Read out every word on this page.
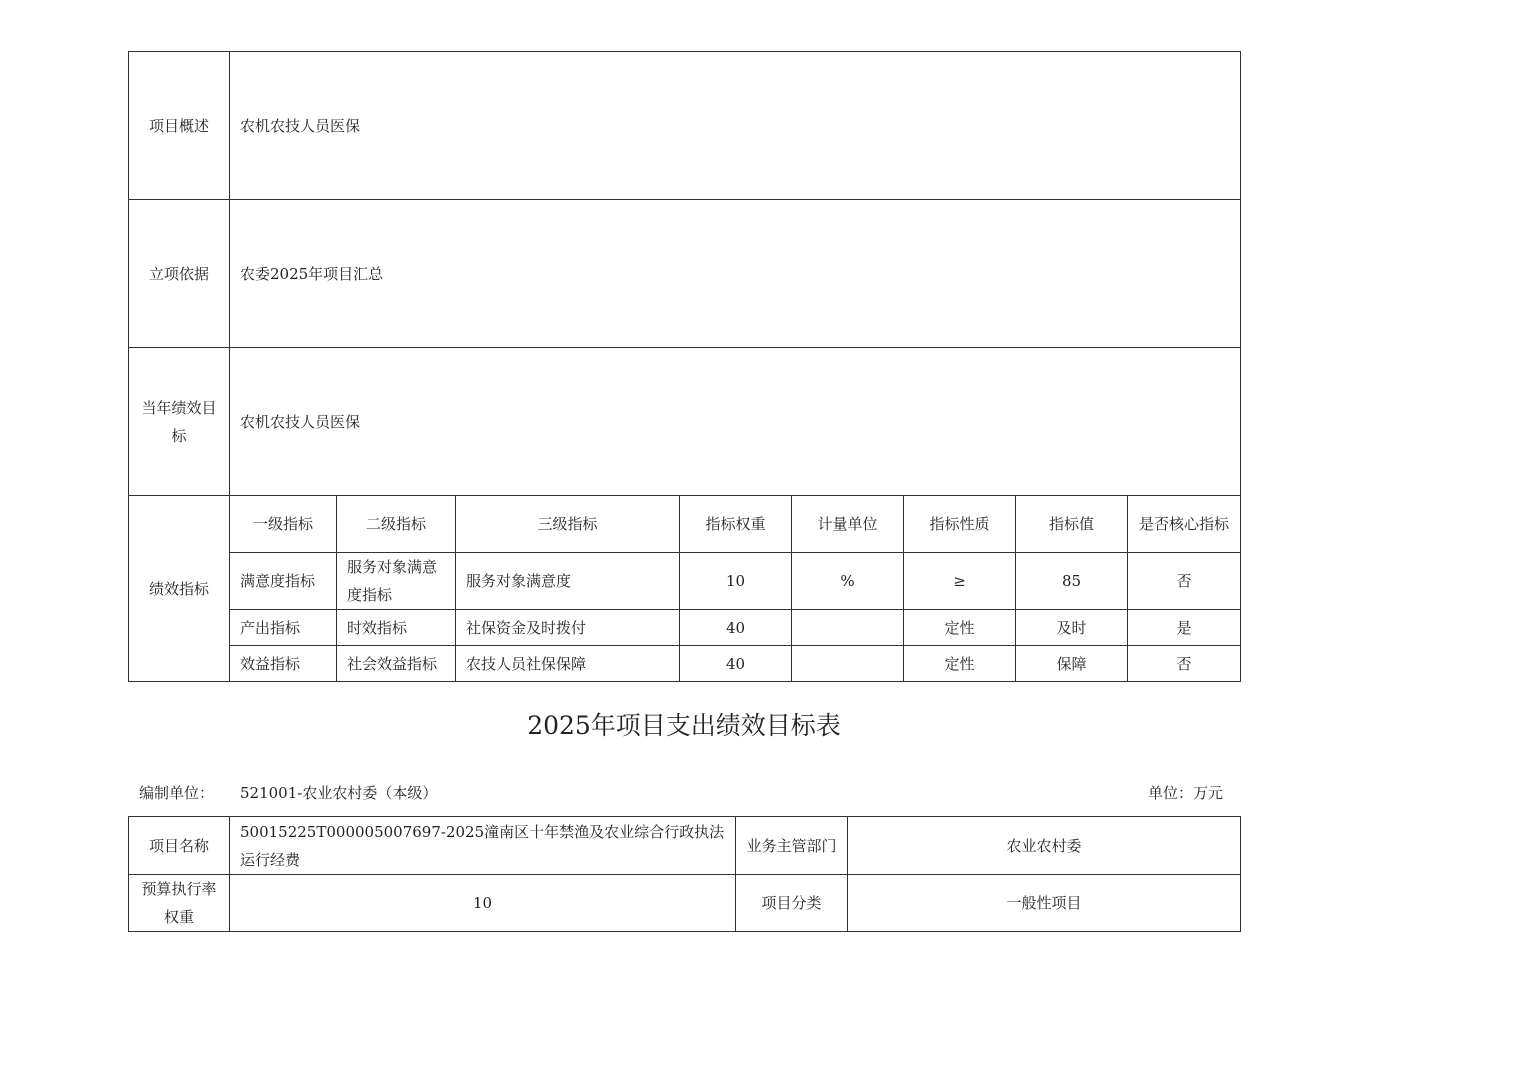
项目概述	农机农技人员医保							
立项依据	农委2025年项目汇总							
当年绩效目标	农机农技人员医保							
绩效指标	一级指标	二级指标	三级指标	指标权重	计量单位	指标性质	指标值	是否核心指标
	满意度指标	服务对象满意度指标	服务对象满意度	10	%	≥	85	否
	产出指标	时效指标	社保资金及时拨付	40		定性	及时	是
	效益指标	社会效益指标	农技人员社保保障	40		定性	保障	否
2025年项目支出绩效目标表
编制单位： 521001-农业农村委（本级）	单位：万元
项目名称	50015225T000005007697-2025潼南区十年禁渔及农业综合行政执法运行经费	业务主管部门	农业农村委
预算执行率权重	10	项目分类	一般性项目
